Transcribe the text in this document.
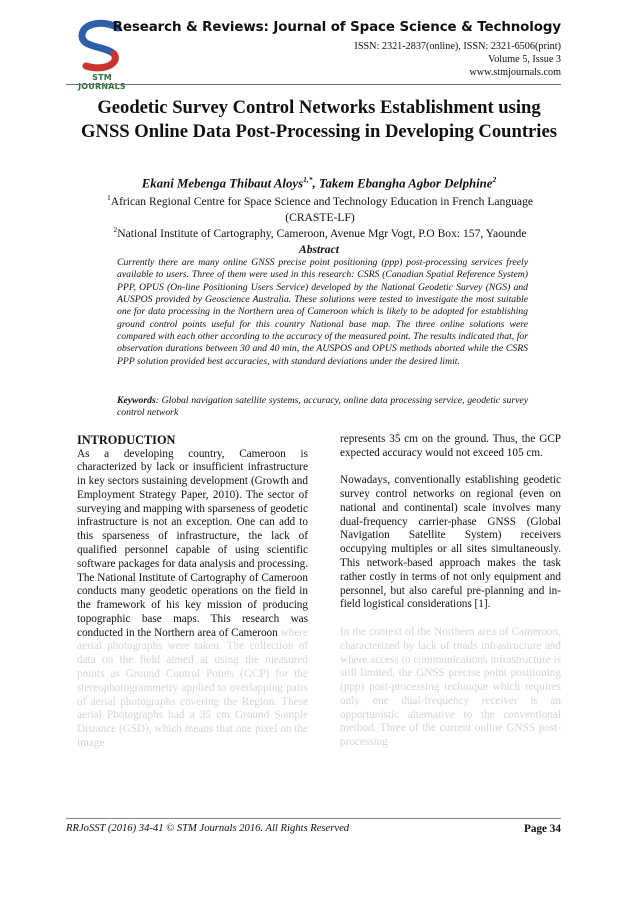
STM JOURNALS
Research & Reviews: Journal of Space Science & Technology
ISSN: 2321-2837(online), ISSN: 2321-6506(print)
Volume 5, Issue 3
www.stmjournals.com
Geodetic Survey Control Networks Establishment using GNSS Online Data Post-Processing in Developing Countries
Ekani Mebenga Thibaut Aloys$^{1,*}$, Takem Ebangha Agbor Delphine$^2$
$^1$African Regional Centre for Space Science and Technology Education in French Language
(CRASTE-LF)
$^2$National Institute of Cartography, Cameroon, Avenue Mgr Vogt, P.O Box: 157, Yaounde
Abstract
Currently there are many online GNSS precise point positioning (ppp) post-processing services freely available to users. Three of them were used in this research: CSRS (Canadian Spatial Reference System) PPP, OPUS (On-line Positioning Users Service) developed by the National Geodetic Survey (NGS) and AUSPOS provided by Geoscience Australia. These solutions were tested to investigate the most suitable one for data processing in the Northern area of Cameroon which is likely to be adopted for establishing ground control points useful for this country National base map. The three online solutions were compared with each other according to the accuracy of the measured point. The results indicated that, for observation durations between 30 and 40 min, the AUSPOS and OPUS methods aborted while the CSRS PPP solution provided best accuracies, with standard deviations under the desired limit.
Keywords: Global navigation satellite systems, accuracy, online data processing service, geodetic survey control network
INTRODUCTION

As a developing country, Cameroon is characterized by lack or insufficient infrastructure in key sectors sustaining development (Growth and Employment Strategy Paper, 2010). The sector of surveying and mapping with sparseness of geodetic infrastructure is not an exception. One can add to this sparseness of infrastructure, the lack of qualified personnel capable of using scientific software packages for data analysis and processing. The National Institute of Cartography of Cameroon conducts many geodetic operations on the field in the framework of his key mission of producing topographic base maps. This research was conducted in the Northern area of Cameroon where aerial photographs were taken. The collection of data on the field aimed at using the measured points as Ground Control Points (GCP) for the stereophotogrammetry applied to overlapping pairs of aerial photographs covering the Region. These aerial Photographs had a 35 cm Ground Sample Distance (GSD), which means that one pixel on the image

represents 35 cm on the ground. Thus, the GCP expected accuracy would not exceed 105 cm.

Nowadays, conventionally establishing geodetic survey control networks on regional (even on national and continental) scale involves many dual-frequency carrier-phase GNSS (Global Navigation Satellite System) receivers occupying multiples or all sites simultaneously. This network-based approach makes the task rather costly in terms of not only equipment and personnel, but also careful pre-planning and in-field logistical considerations [1].

In the context of the Northern area of Cameroon, characterized by lack of roads infrastructure and where access to communications infrastructure is still limited, the GNSS precise point positioning (ppp) post-processing technique which requires only one dual-frequency receiver is an opportunistic alternative to the conventional method. Three of the current online GNSS post-processing

RRJoSST (2016) 34-41 © STM Journals 2016. All Rights Reserved	Page 34
